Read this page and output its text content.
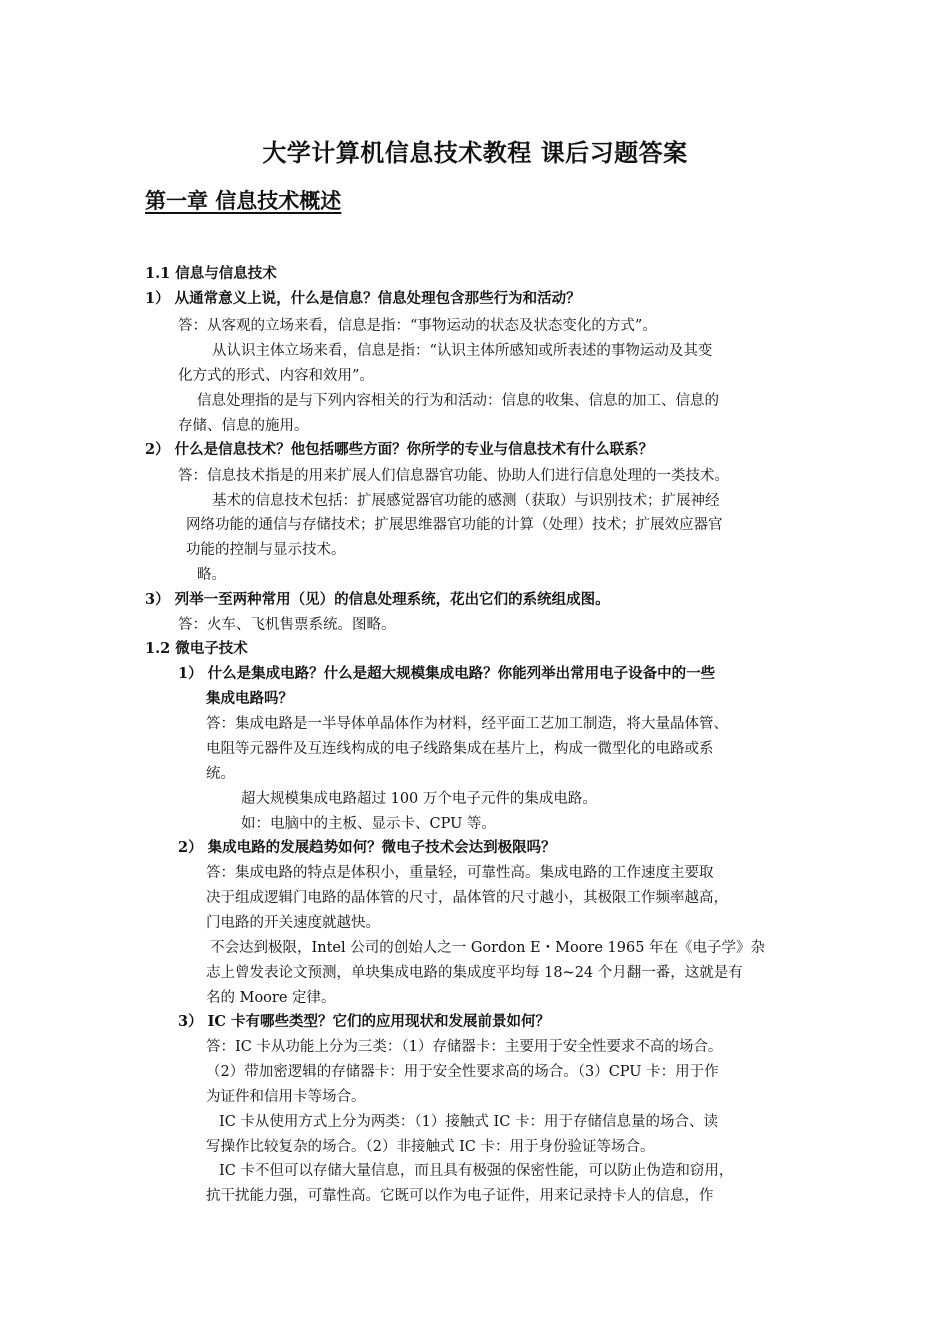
大学计算机信息技术教程 课后习题答案
第一章 信息技术概述
1.1 信息与信息技术
1） 从通常意义上说，什么是信息？信息处理包含那些行为和活动？
答：从客观的立场来看，信息是指：“事物运动的状态及状态变化的方式”。
从认识主体立场来看，信息是指：“认识主体所感知或所表述的事物运动及其变
化方式的形式、内容和效用”。
信息处理指的是与下列内容相关的行为和活动：信息的收集、信息的加工、信息的
存储、信息的施用。
2） 什么是信息技术？他包括哪些方面？你所学的专业与信息技术有什么联系？
答：信息技术指是的用来扩展人们信息器官功能、协助人们进行信息处理的一类技术。
基术的信息技术包括：扩展感觉器官功能的感测（获取）与识别技术；扩展神经
网络功能的通信与存储技术；扩展思维器官功能的计算（处理）技术；扩展效应器官
功能的控制与显示技术。
略。
3） 列举一至两种常用（见）的信息处理系统，花出它们的系统组成图。
答：火车、飞机售票系统。图略。
1.2 微电子技术
1） 什么是集成电路？什么是超大规模集成电路？你能列举出常用电子设备中的一些
集成电路吗？
答：集成电路是一半导体单晶体作为材料，经平面工艺加工制造，将大量晶体管、
电阻等元器件及互连线构成的电子线路集成在基片上，构成一微型化的电路或系
统。
超大规模集成电路超过 100 万个电子元件的集成电路。
如：电脑中的主板、显示卡、CPU 等。
2） 集成电路的发展趋势如何？微电子技术会达到极限吗？
答：集成电路的特点是体积小，重量轻，可靠性高。集成电路的工作速度主要取
决于组成逻辑门电路的晶体管的尺寸，晶体管的尺寸越小，其极限工作频率越高，
门电路的开关速度就越快。
不会达到极限，Intel 公司的创始人之一 Gordon E・Moore 1965 年在《电子学》杂
志上曾发表论文预测，单块集成电路的集成度平均每 18~24 个月翻一番，这就是有
名的 Moore 定律。
3） IC 卡有哪些类型？它们的应用现状和发展前景如何？
答：IC 卡从功能上分为三类：（1）存储器卡：主要用于安全性要求不高的场合。
（2）带加密逻辑的存储器卡：用于安全性要求高的场合。（3）CPU 卡：用于作
为证件和信用卡等场合。
IC 卡从使用方式上分为两类：（1）接触式 IC 卡：用于存储信息量的场合、读
写操作比较复杂的场合。（2）非接触式 IC 卡：用于身份验证等场合。
IC 卡不但可以存储大量信息，而且具有极强的保密性能，可以防止伪造和窃用，
抗干扰能力强，可靠性高。它既可以作为电子证件，用来记录持卡人的信息，作
